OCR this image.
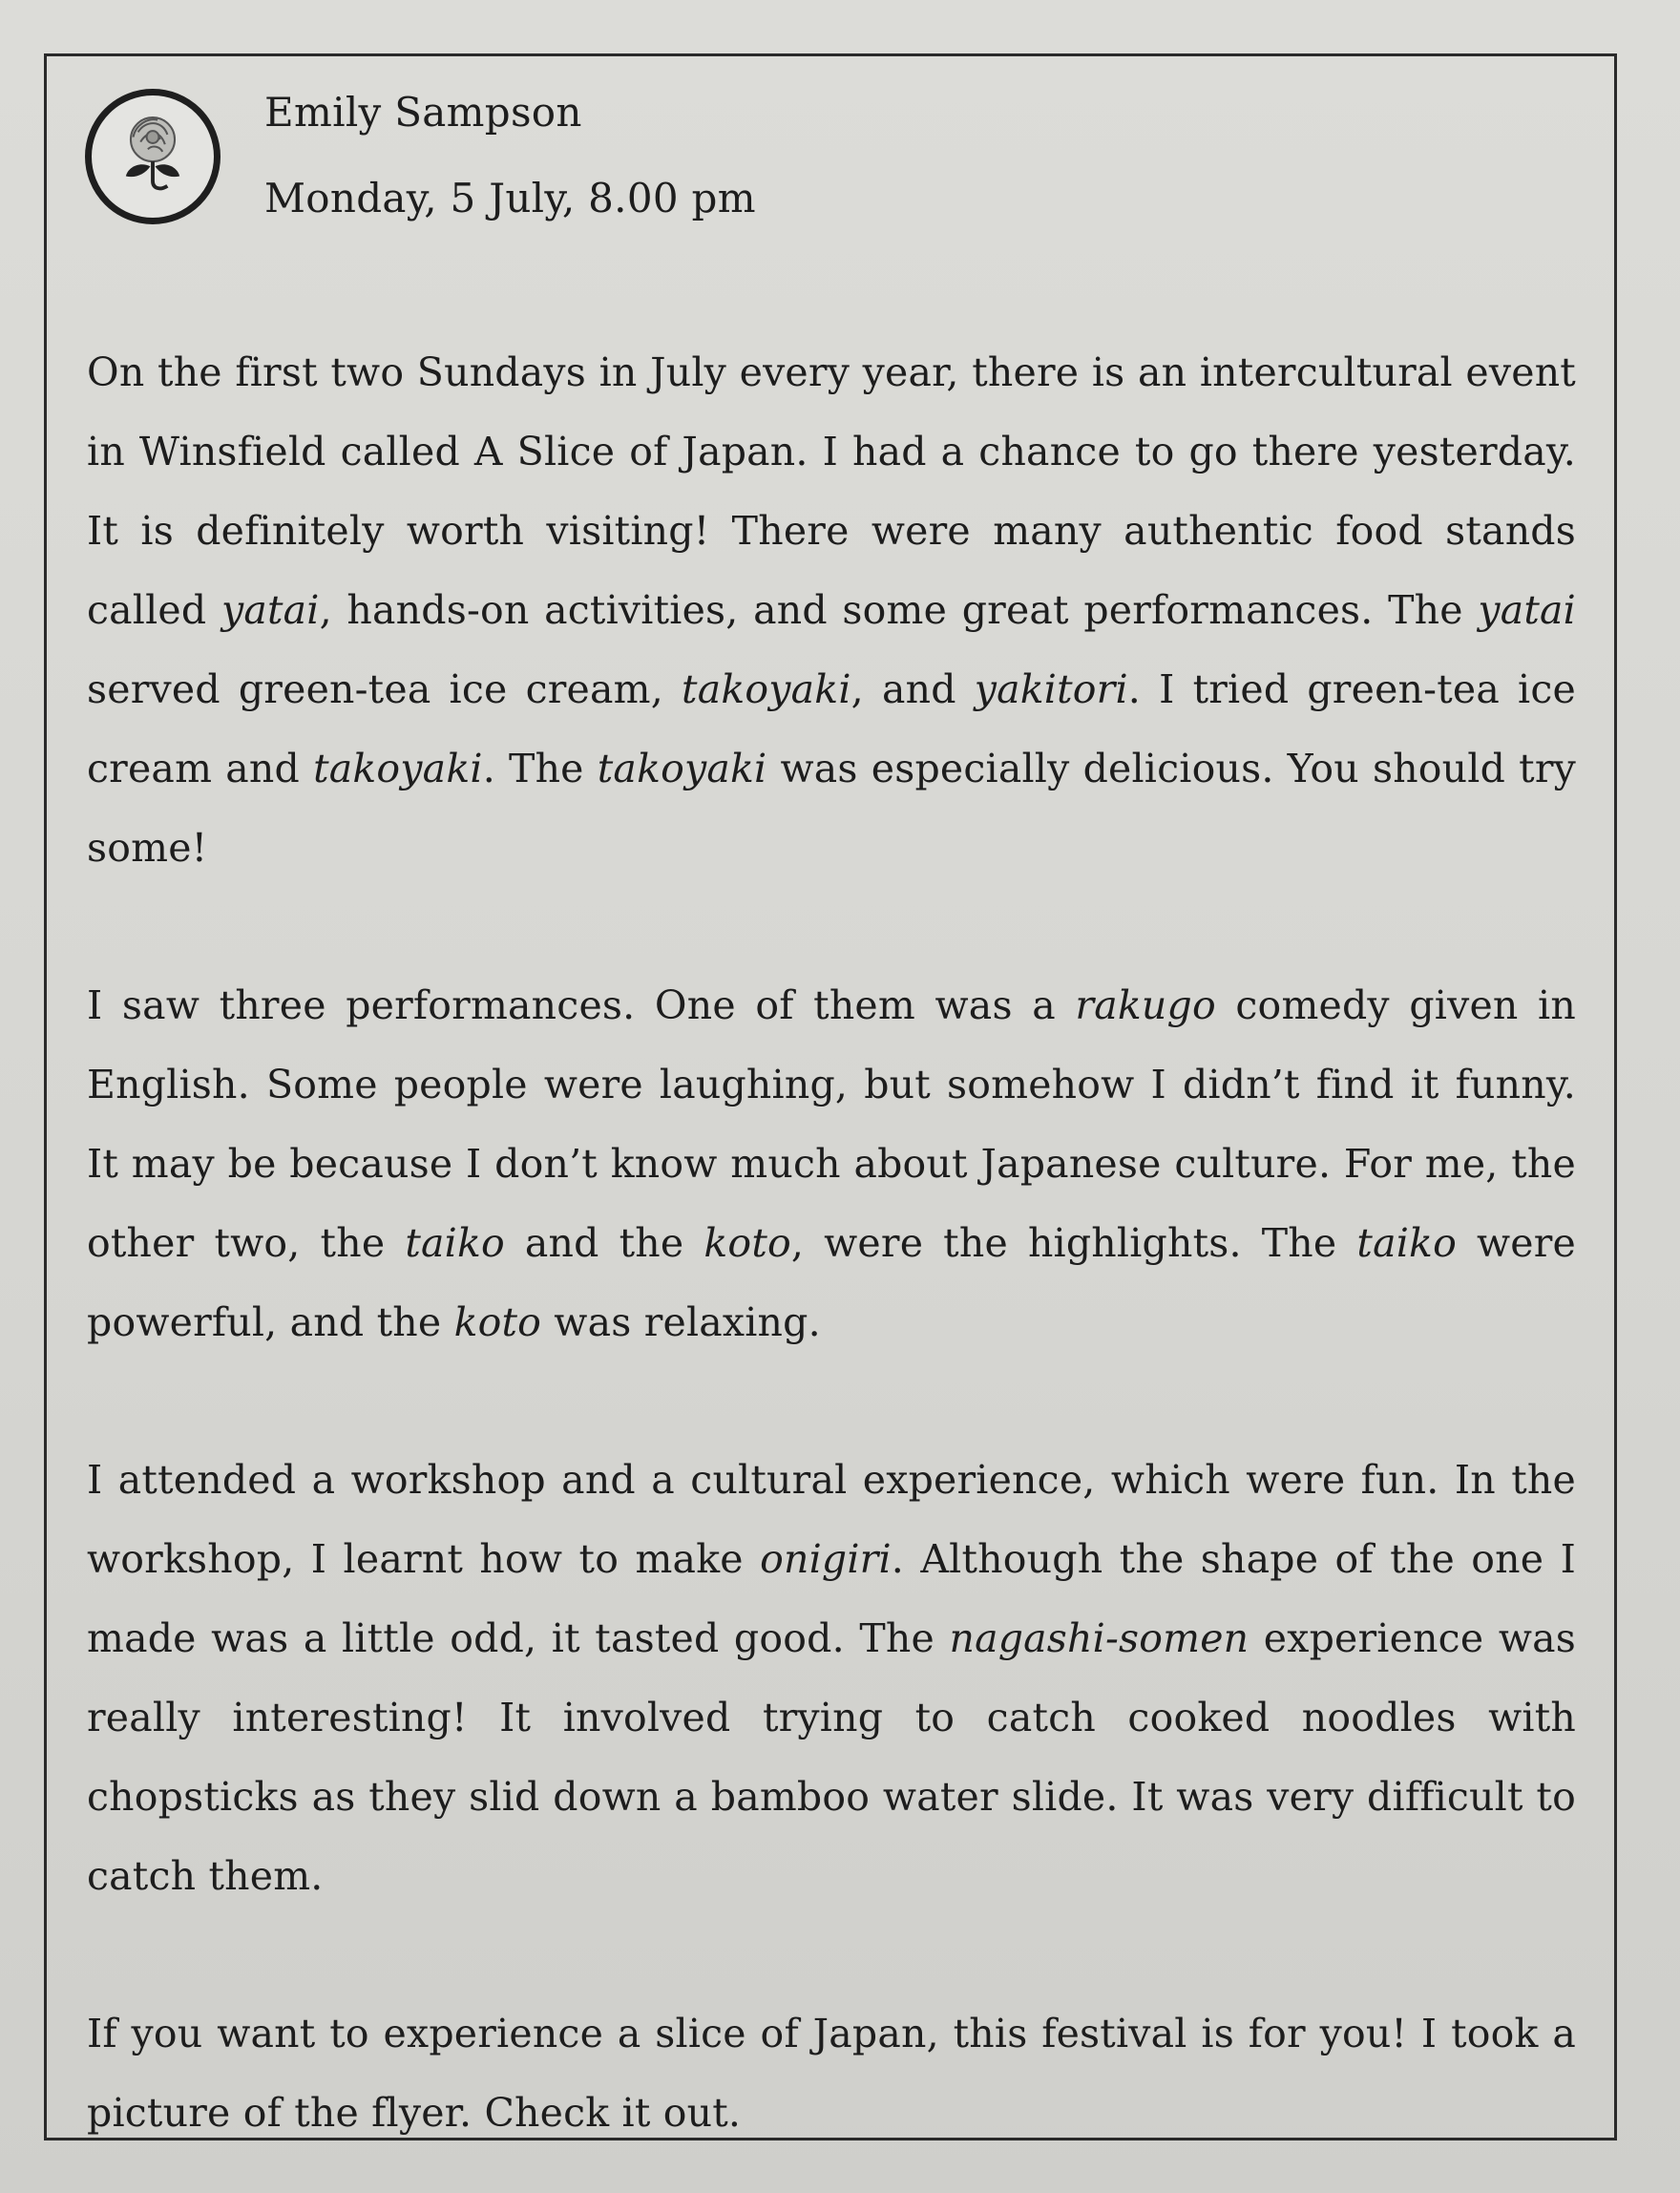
Emily Sampson
Monday, 5 July, 8.00 pm

On the first two Sundays in July every year, there is an intercultural event in Winsfield called A Slice of Japan. I had a chance to go there yesterday. It is definitely worth visiting! There were many authentic food stands called yatai, hands-on activities, and some great performances. The yatai served green-tea ice cream, takoyaki, and yakitori. I tried green-tea ice cream and takoyaki. The takoyaki was especially delicious. You should try some!

I saw three performances. One of them was a rakugo comedy given in English. Some people were laughing, but somehow I didn’t find it funny. It may be because I don’t know much about Japanese culture. For me, the other two, the taiko and the koto, were the highlights. The taiko were powerful, and the koto was relaxing.

I attended a workshop and a cultural experience, which were fun. In the workshop, I learnt how to make onigiri. Although the shape of the one I made was a little odd, it tasted good. The nagashi-somen experience was really interesting! It involved trying to catch cooked noodles with chopsticks as they slid down a bamboo water slide. It was very difficult to catch them.

If you want to experience a slice of Japan, this festival is for you! I took a picture of the flyer. Check it out.
